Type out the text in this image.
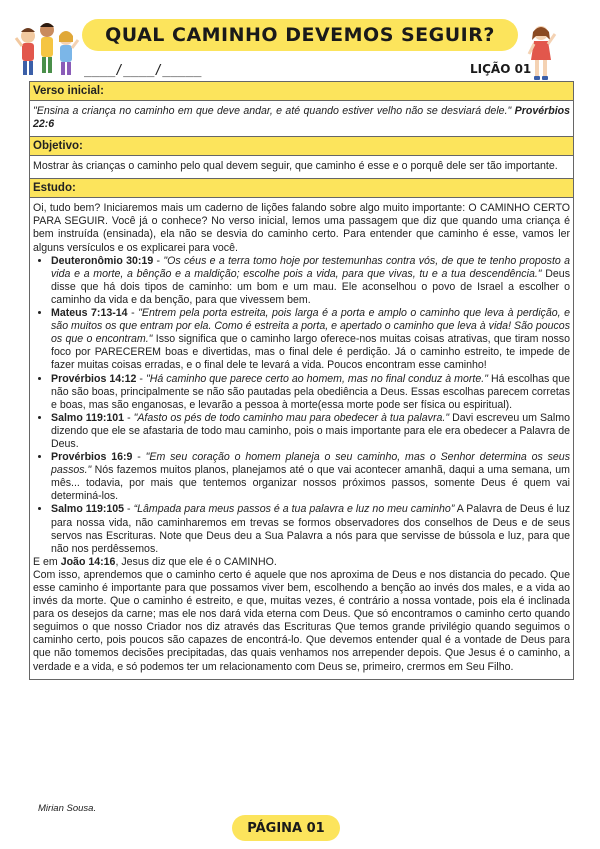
QUAL CAMINHO DEVEMOS SEGUIR?
____/____/_____	LIÇÃO 01
Verso inicial:
"Ensina a criança no caminho em que deve andar, e até quando estiver velho não se desviará dele." Provérbios 22:6
Objetivo:
Mostrar às crianças o caminho pelo qual devem seguir, que caminho é esse e o porquê dele ser tão importante.
Estudo:
Oi, tudo bem? Iniciaremos mais um caderno de lições falando sobre algo muito importante: O CAMINHO CERTO PARA SEGUIR. Você já o conhece? No verso inicial, lemos uma passagem que diz que quando uma criança é bem instruída (ensinada), ela não se desvia do caminho certo. Para entender que caminho é esse, vamos ler alguns versículos e os explicarei para você.
• Deuteronômio 30:19 - "Os céus e a terra tomo hoje por testemunhas contra vós, de que te tenho proposto a vida e a morte, a bênção e a maldição; escolhe pois a vida, para que vivas, tu e a tua descendência." Deus disse que há dois tipos de caminho: um bom e um mau. Ele aconselhou o povo de Israel a escolher o caminho da vida e da benção, para que vivessem bem.
• Mateus 7:13-14 - "Entrem pela porta estreita, pois larga é a porta e amplo o caminho que leva à perdição, e são muitos os que entram por ela. Como é estreita a porta, e apertado o caminho que leva à vida! São poucos os que o encontram." Isso significa que o caminho largo oferece-nos muitas coisas atrativas, que tiram nosso foco por PARECEREM boas e divertidas, mas o final dele é perdição. Já o caminho estreito, te impede de fazer muitas coisas erradas, e o final dele te levará a vida. Poucos encontram esse caminho!
• Provérbios 14:12 - "Há caminho que parece certo ao homem, mas no final conduz à morte." Há escolhas que não são boas, principalmente se não são pautadas pela obediência a Deus. Essas escolhas parecem corretas e boas, mas são enganosas, e levarão a pessoa à morte(essa morte pode ser física ou espiritual).
• Salmo 119:101 - "Afasto os pés de todo caminho mau para obedecer à tua palavra." Davi escreveu um Salmo dizendo que ele se afastaria de todo mau caminho, pois o mais importante para ele era obedecer a Palavra de Deus.
• Provérbios 16:9 - "Em seu coração o homem planeja o seu caminho, mas o Senhor determina os seus passos." Nós fazemos muitos planos, planejamos até o que vai acontecer amanhã, daqui a uma semana, um mês... todavia, por mais que tentemos organizar nossos próximos passos, somente Deus é quem vai determiná-los.
• Salmo 119:105 - “Lâmpada para meus passos é a tua palavra e luz no meu caminho” A Palavra de Deus é luz para nossa vida, não caminharemos em trevas se formos observadores dos conselhos de Deus e de seus servos nas Escrituras. Note que Deus deu a Sua Palavra a nós para que servisse de bússola e luz, para que não nos perdêssemos.
E em João 14:16, Jesus diz que ele é o CAMINHO.
Com isso, aprendemos que o caminho certo é aquele que nos aproxima de Deus e nos distancia do pecado. Que esse caminho é importante para que possamos viver bem, escolhendo a benção ao invés dos males, e a vida ao invés da morte. Que o caminho é estreito, e que, muitas vezes, é contrário a nossa vontade, pois ela é inclinada para os desejos da carne; mas ele nos dará vida eterna com Deus. Que só encontramos o caminho certo quando seguimos o que nosso Criador nos diz através das Escrituras Que temos grande privilégio quando seguimos o caminho certo, pois poucos são capazes de encontrá-lo. Que devemos entender qual é a vontade de Deus para que não tomemos decisões precipitadas, das quais venhamos nos arrepender depois. Que Jesus é o caminho, a verdade e a vida, e só podemos ter um relacionamento com Deus se, primeiro, crermos em Seu Filho.
Mirian Sousa.
PÁGINA 01
